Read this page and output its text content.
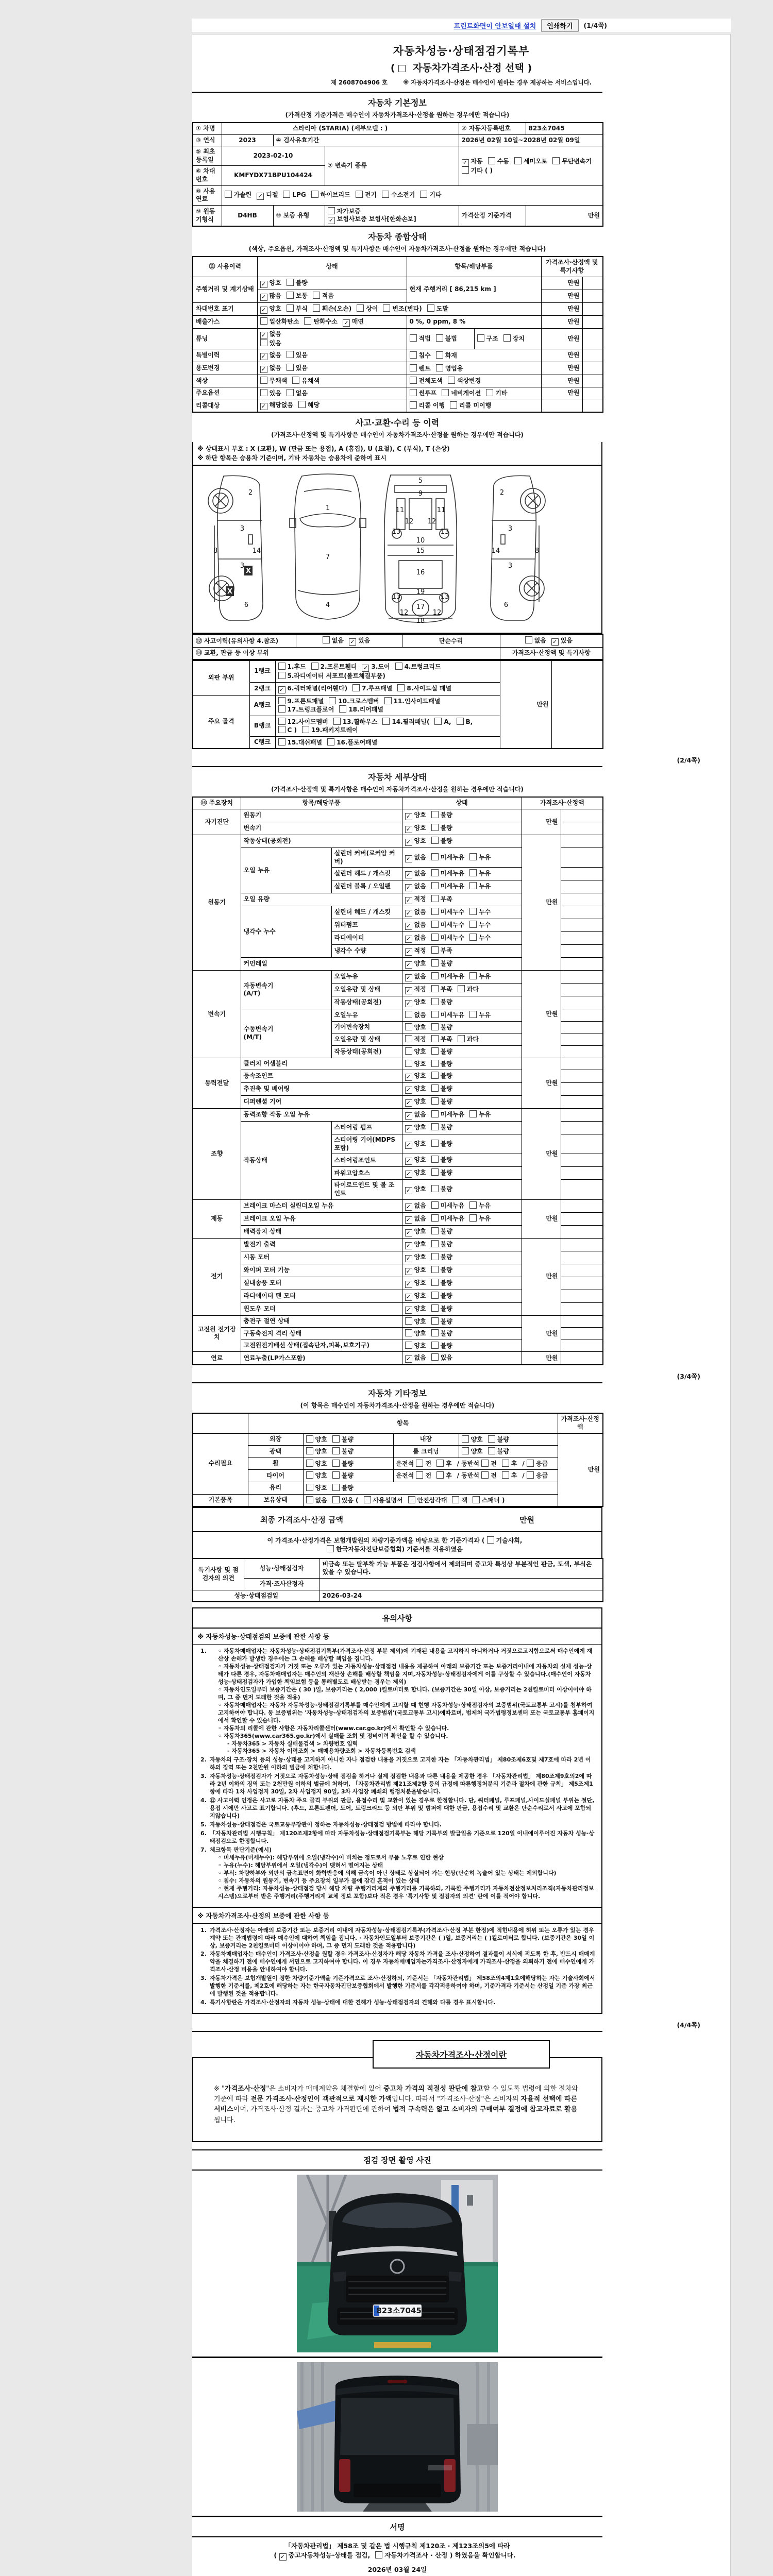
프린트화면이 안보일때 설치	인쇄하기	(1/4쪽)
자동차성능·상태점검기록부
( 자동차가격조사·산정 선택 )
제 2608704906 호	※ 자동차가격조사·산정은 매수인이 원하는 경우 제공하는 서비스입니다.
자동차 기본정보
(가격산정 기준가격은 매수인이 자동차가격조사·산정을 원하는 경우에만 적습니다)
① 차명	스타리아 (STARIA) (세부모델 : )			② 자동차등록번호	823소7045
③ 연식	2023	④ 검사유효기간		2026년 02월 10일~2028년 02월 09일	
⑤ 최초 등록일	2023-02-10		⑦ 변속기 종류	✓자동 수동 세미오토 무단변속기
기타 ( )
⑥ 차대 번호	KMFYDX71BPU104424				
⑧ 사용 연료	가솔린 ✓ 디젤 LPG 하이브리드 전기 수소전기 기타
⑨ 원동 기형식	D4HB	⑩ 보증 유형	자가보증✓보험사보증 보험사[한화손보]	가격산정 기준가격	만원
자동차 종합상태
(색상, 주요옵션, 가격조사·산정액 및 특기사항은 매수인이 자동차가격조사·산정을 원하는 경우에만 적습니다)
⑪ 사용이력	상태	항목/해당부품		가격조사·산정액 및 특기사항	
주행거리 및 계기상태	✓양호 불량	현재 주행거리 [ 86,215 km ]		만원	
✓많음 보통 적음			만원	
차대번호 표기	✓양호 부식 훼손(오손) 상이 변조(변타) 도말			만원	
배출가스	일산화탄소 탄화수소 ✓ 매연	0 %, 0 ppm, 8 %		만원	
튜닝	✓없음
있음	적법 불법	구조 장치	만원	
특별이력	✓없음 있음	침수 화재		만원	
용도변경	✓없음 있음	렌트 영업용		만원	
색상	무채색 유채색	전체도색 색상변경		만원	
주요옵션	있음 없음	썬루프 네비게이션 기타		만원	
리콜대상	✓해당없음 해당	리콜 이행 리콜 미이행			
사고·교환·수리 등 이력
(가격조사·산정액 및 특기사항은 매수인이 자동차가격조사·산정을 원하는 경우에만 적습니다)
※ 상태표시 부호 : X (교환), W (판금 또는 용접), A (흠집), U (요철), C (부식), T (손상)
※ 하단 항목은 승용차 기준이며, 기타 자동차는 승용차에 준하여 표시
2
3
8	14
3
6
1
7
4
5
9
11	11
12 12
13	13
10
15
16
19
13	13
17
12	12
18
2
3
8
14
3
6
X
X
⑫ 사고이력(유의사항 4.참조)	없음 ✓ 있음	단순수리	없음 ✓ 있음
⑬ 교환, 판금 등 이상 부위			가격조사·산정액 및 특기사항
외판 부위	1랭크	1.후드 2.프론트휀더 ✓ 3.도어 4.트렁크리드
5.라디에이터 서포트(볼트체결부품)	만원	
	2랭크	✓6.쿼터패널(리어휀다) 7.루프패널 8.사이드실 패널
주요 골격	A랭크	9.프론트패널 10.크로스멤버 11.인사이드패널
17.트렁크플로어 18.리어패널		
	B랭크	12.사이드멤버 13.휠하우스 14.필러패널( A, B,
C ) 19.패키지트레이		
	C랭크	15.대쉬패널 16.플로어패널		
(2/4쪽)
자동차 세부상태
(가격조사·산정액 및 특기사항은 매수인이 자동차가격조사·산정을 원하는 경우에만 적습니다)
⑭ 주요장치	항목/해당부품		상태	가격조사·산정액	
자기진단	원동기	✓양호 불량	만원	
	변속기	✓양호 불량	
원동기	작동상태(공회전)	✓양호 불량	만원	
	오일 누유	실린더 커버(로커암 커버)	✓없음 미세누유 누유	
		실린더 헤드 / 개스킷	✓없음 미세누유 누유	
		실린더 블록 / 오일팬	✓없음 미세누유 누유	
	오일 유량	✓적정 부족	
	냉각수 누수	실린더 헤드 / 개스킷	✓없음 미세누수 누수	
		워터펌프	✓없음 미세누수 누수	
		라디에이터	✓없음 미세누수 누수	
		냉각수 수량	✓적정 부족	
	커먼레일	✓양호 불량	
변속기	자동변속기
(A/T)	오일누유	✓없음 미세누유 누유	만원	
		오일유량 및 상태	✓적정 부족 과다	
		작동상태(공회전)	✓양호 불량	
	수동변속기
(M/T)	오일누유	없음 미세누유 누유		
		기어변속장치	양호 불량		
		오일유량 및 상태	적정 부족 과다		
		작동상태(공회전)	양호 불량		
동력전달	클러치 어셈블리		양호 불량	만원	
	등속조인트	✓양호 불량	
	추진축 및 베어링	✓양호 불량	
	디퍼렌셜 기어	✓양호 불량	
조향	동력조향 작동 오일 누유	✓없음 미세누유 누유	만원	
	작동상태	스티어링 펌프	✓양호 불량	
		스티어링 기어(MDPS포함)	✓양호 불량	
		스티어링조인트	✓양호 불량	
		파워고압호스	✓양호 불량	
		타이로드엔드 및 볼 조인트	✓양호 불량	
제동	브레이크 마스터 실린더오일 누유	✓없음 미세누유 누유	만원	
	브레이크 오일 누유	✓없음 미세누유 누유	
	배력장치 상태	✓양호 불량	
전기	발전기 출력	✓양호 불량	만원	
	시동 모터	✓양호 불량	
	와이퍼 모터 기능	✓양호 불량	
	실내송풍 모터	✓양호 불량	
	라디에이터 팬 모터	✓양호 불량	
	윈도우 모터	✓양호 불량	
고전원 전기장치	충전구 절연 상태		양호 불량	만원	
	구동축전지 격리 상태		양호 불량		
	고전원전기배선 상태(접속단자,피복,보호기구)		양호 불량		
연료	연료누출(LP가스포함)	✓없음 있음	만원	
(3/4쪽)
자동차 기타정보
(이 항목은 매수인이 자동차가격조사·산정을 원하는 경우에만 적습니다)
	항목				가격조사·산정액
수리필요	외장	양호 불량	내장	양호 불량	만원
	광택	양호 불량	룸 크리닝	양호 불량	
	휠	양호 불량	운전석 전 후 / 동반석 전 후 / 응급		
	타이어	양호 불량	운전석 전 후 / 동반석 전 후 / 응급		
	유리	양호 불량			
기본품목	보유상태	없음 있음 ( 사용설명서 안전삼각대 잭 스패너 )			
최종 가격조사·산정 금액	만원
이 가격조사·산정가격은 보험개발원의 차량기준가액을 바탕으로 한 기준가격과 ( 기술사회,한국자동차진단보증협회) 기준서를 적용하였음
특기사항 및 점검자의 의견	성능·상태점검자	비금속 또는 탈부착 가능 부품은 점검사항에서 제외되며 중고차 특성상 부분적인 판금, 도색, 부식은 있을 수 있습니다.
	가격·조사산정자	
성능·상태점검일		2026-03-24
유의사항
※ 자동차성능·상태점검의 보증에 관한 사항 등
1.	◦ 자동차매매업자는 자동차성능·상태점검기록부(가격조사·산정 부분 제외)에 기재된 내용을 고지하지 아니하거나 거짓으로고지함으로써 매수인에게 재산상 손해가 발생한 경우에는 그 손해를 배상할 책임을 집니다.
◦ 자동차성능·상태점검자가 거짓 또는 오류가 있는 자동차성능·상태점검 내용을 제공하여 아래의 보증기간 또는 보증거리이내에 자동차의 실제 성능·상태가 다른 경우, 자동차매매업자는 매수인의 재산상 손해를 배상할 책임을 지며,자동차성능·상태점검자에게 이를 구상할 수 있습니다.(매수인이 자동차성능·상태점검자가 가입한 책임보험 등을 통해별도로 배상받는 경우는 제외)
◦ 자동차인도일부터 보증기간은 ( 30 )일, 보증거리는 ( 2,000 )킬로미터로 합니다. (보증기간은 30일 이상, 보증거리는 2천킬로미터 이상이어야 하며, 그 중 먼저 도래한 것을 적용)
◦ 자동차매매업자는 자동차 자동차성능·상태점검기록부를 매수인에게 고지할 때 현행 자동차성능·상태점검자의 보증범위(국토교통부 고시)를 첨부하여 고지하여야 합니다. 동 보증범위는 '자동차성능·상태점검자의 보증범위'(국토교통부 고시)에따르며, 법제처 국가법령정보센터 또는 국토교통부 홈페이지에서 확인할 수 있습니다.
◦ 자동차의 리콜에 관한 사항은 자동차리콜센터(www.car.go.kr)에서 확인할 수 있습니다.
◦ 자동차365(www.car365.go.kr)에서 실매물 조회 및 정비이력 확인을 할 수 있습니다.
- 자동차365 > 자동차 실매물검색 > 차량번호 입력
- 자동차365 > 자동차 이력조회 > 매매용차량조회 > 자동차등록번호 검색
2. 자동차의 구조·장치 등의 성능·상태를 고지하지 아니한 자나 점검한 내용을 거짓으로 고지한 자는 「자동차관리법」 제80조제6호및 제7호에 따라 2년 이하의 징역 또는 2천만원 이하의 벌금에 처합니다.
3. 자동차성능·상태점검자가 거짓으로 자동차성능·상태 점검을 하거나 실제 점검한 내용과 다른 내용을 제공한 경우 「자동차관리법」 제80조제9호의2에 따라 2년 이하의 징역 또는 2천만원 이하의 벌금에 처하며, 「자동차관리법 제21조제2항 등의 규정에 따른행정처분의 기준과 절차에 관한 규칙」 제5조제1항에 따라 1차 사업정지 30일, 2차 사업정지 90일, 3차 사업장 폐쇄의 행정처분을받습니다.
4. ⑫ 사고이력 인정은 사고로 자동차 주요 골격 부위의 판금, 용접수리 및 교환이 있는 경우로 한정합니다. 단, 쿼터패널, 루프패널,사이드실패널 부위는 절단, 용접 시에만 사고로 표기합니다. (후드, 프론트펜더, 도어, 트렁크리드 등 외판 부위 및 범퍼에 대한 판금, 용접수리 및 교환은 단순수리로서 사고에 포함되지않습니다)
5. 자동차성능·상태점검은 국토교통부장관이 정하는 자동차성능·상태점검 방법에 따라야 합니다.
6. 「자동차관리법 시행규칙」 제120조제2항에 따라 자동차성능·상태점검기록부는 해당 기록부의 발급일을 기준으로 120일 이내에이루어진 자동차 성능·상태점검으로 한정합니다.
7. 체크항목 판단기준(예시)
◦ 미세누유(미세누수): 해당부위에 오일(냉각수)이 비치는 정도로서 부품 노후로 인한 현상
◦ 누유(누수): 해당부위에서 오일(냉각수)이 맺혀서 떨어지는 상태
◦ 부식: 차량하부와 외판의 금속표면이 화학반응에 의해 금속이 아닌 상태로 상실되어 가는 현상(단순히 녹슬어 있는 상태는 제외합니다)
◦ 침수: 자동차의 원동기, 변속기 등 주요장치 일부가 물에 잠긴 흔적이 있는 상태
◦ 현재 주행거리: 자동차성능·상태점검 당시 해당 차량 주행거리계의 주행거리를 기록하되, 기록한 주행거리가 자동차전산정보처리조직(자동차관리정보시스템)으로부터 받은 주행거리(주행거리계 교체 정보 포함)보다 적은 경우 '특기사항 및 점검자의 의견' 란에 이를 적어야 합니다.
※ 자동차가격조사·산정의 보증에 관한 사항 등
1. 가격조사·산정자는 아래의 보증기간 또는 보증거리 이내에 자동차성능·상태점검기록부(가격조사·산정 부분 한정)에 적힌내용에 허위 또는 오류가 있는 경우 계약 또는 관계법령에 따라 매수인에 대하여 책임을 집니다. · 자동차인도일부터 보증기간은 ( )일, 보증거리는 ( )킬로미터로 합니다. (보증기간은 30일 이상, 보증거리는 2천킬로미터 이상이어야 하며, 그 중 먼저 도래한 것을 적용합니다)
2. 자동차매매업자는 매수인이 가격조사·산정을 원할 경우 가격조사·산정자가 해당 자동차 가격을 조사·산정하여 결과를이 서식에 적도록 한 후, 반드시 매매계약을 체결하기 전에 매수인에게 서면으로 고지하여야 합니다. 이 경우 자동차매매업자는가격조사·산정자에게 가격조사·산정을 의뢰하기 전에 매수인에게 가격조사·산정 비용을 안내하여야 합니다.
3. 자동차가격은 보험개발원이 정한 차량기준가액을 기준가격으로 조사·산정하되, 기준서는 「자동차관리법」 제58조의4제1호에해당하는 자는 기술사회에서 발행한 기준서를, 제2호에 해당하는 자는 한국자동차진단보증협회에서 발행한 기준서를 각각적용하여야 하며, 기준가격과 기준서는 산정일 기준 가장 최근에 발행된 것을 적용합니다.
4. 특기사항란은 가격조사·산정자의 자동차 성능·상태에 대한 견해가 성능·상태점검자의 견해와 다를 경우 표시합니다.
(4/4쪽)
자동차가격조사·산정이란
※ "가격조사·산정"은 소비자가 매매계약을 체결함에 있어 중고차 가격의 적절성 판단에 참고할 수 있도록 법령에 의한 절차와 기준에 따라 전문 가격조사·산정인이 객관적으로 제시한 가액입니다. 따라서 "가격조사·산정"은 소비자의 자율적 선택에 따른 서비스이며, 가격조사·산정 결과는 중고차 가격판단에 관하여 법적 구속력은 없고 소비자의 구매여부 결정에 참고자료로 활용됩니다.
점검 장면 촬영 사진
823소7045
서명
「자동차관리법」 제58조 및 같은 법 시행규칙 제120조 · 제123조의5에 따라
( ✓중고자동차성능·상태를 점검, 자동차가격조사 · 산정 ) 하였음을 확인합니다.
2026년 03월 24일
